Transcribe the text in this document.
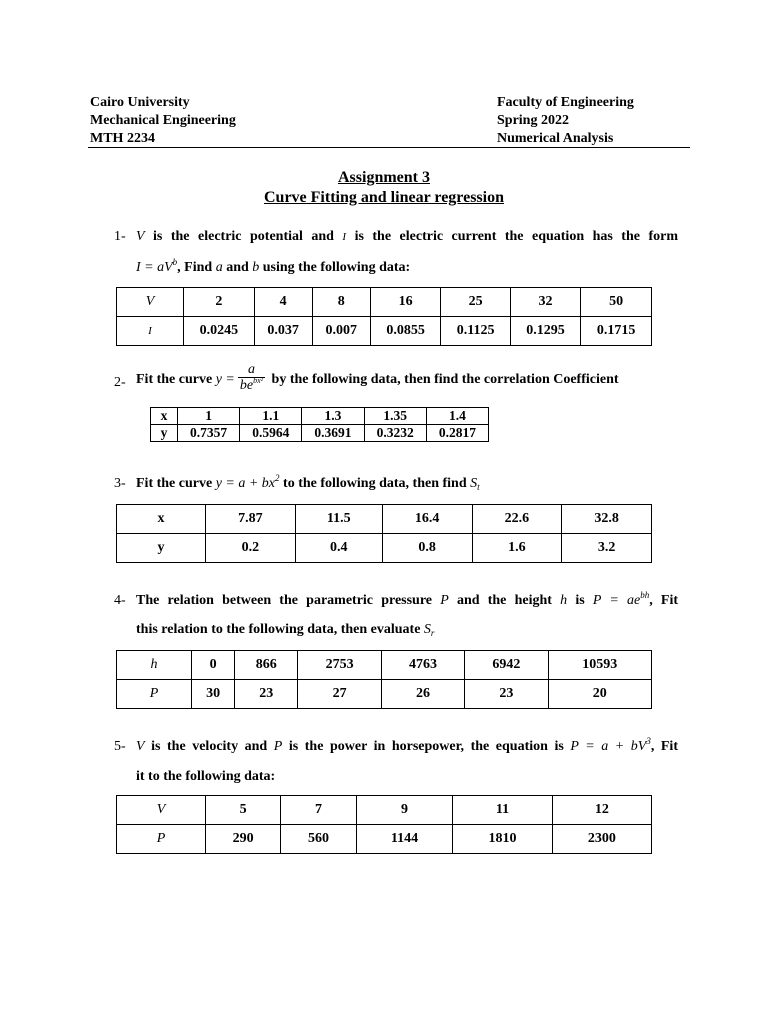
Cairo University
Mechanical Engineering
MTH 2234
Faculty of Engineering
Spring 2022
Numerical Analysis
Assignment 3
Curve Fitting and linear regression
1- V is the electric potential and I is the electric current the equation has the form
$I = aV^b$, Find a and b using the following data:
V	2	4	8	16	25	32	50
I	0.0245	0.037	0.007	0.0855	0.1125	0.1295	0.1715
2- Fit the curve $y = \frac{a}{be^{bx^2}}$ by the following data, then find the correlation Coefficient
x	1	1.1	1.3	1.35	1.4
y	0.7357	0.5964	0.3691	0.3232	0.2817
3- Fit the curve $y = a + bx^2$ to the following data, then find $S_t$
x	7.87	11.5	16.4	22.6	32.8
y	0.2	0.4	0.8	1.6	3.2
4- The relation between the parametric pressure P and the height h is $P = ae^{bh}$, Fit
this relation to the following data, then evaluate $S_r$
h	0	866	2753	4763	6942	10593
P	30	23	27	26	23	20
5- V is the velocity and P is the power in horsepower, the equation is $P = a + bV^3$, Fit
it to the following data:
V	5	7	9	11	12
P	290	560	1144	1810	2300
